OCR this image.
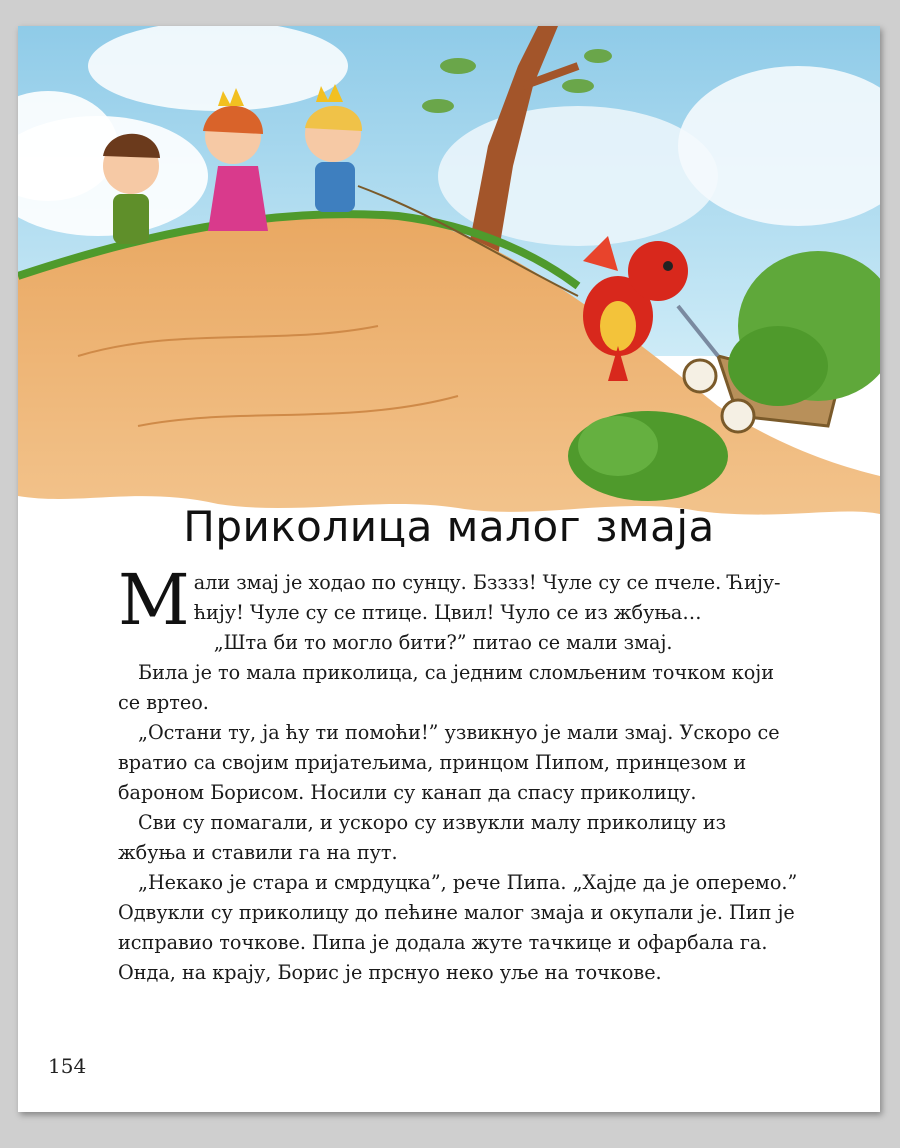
Приколица малог змаја

Мали змај је ходао по сунцу. Бзззз! Чуле су се пчеле. Ћију-ћију! Чуле су се птице. Цвил! Чуло се из жбуња…

„Шта би то могло бити?” питао се мали змај.

Била је то мала приколица, са једним сломљеним точком који се вртео.

„Остани ту, ја ћу ти помоћи!” узвикнуо је мали змај. Ускоро се вратио са својим пријатељима, принцом Пипом, принцезом и бароном Борисом. Носили су канап да спасу приколицу.

Сви су помагали, и ускоро су извукли малу приколицу из жбуња и ставили га на пут.

„Некако је стара и смрдуцка”, рече Пипа. „Хајде да је оперемо.” Одвукли су приколицу до пећине малог змаја и окупали је. Пип је исправио точкове. Пипа је додала жуте тачкице и офарбала га. Онда, на крају, Борис је прснуо неко уље на точкове.

154
